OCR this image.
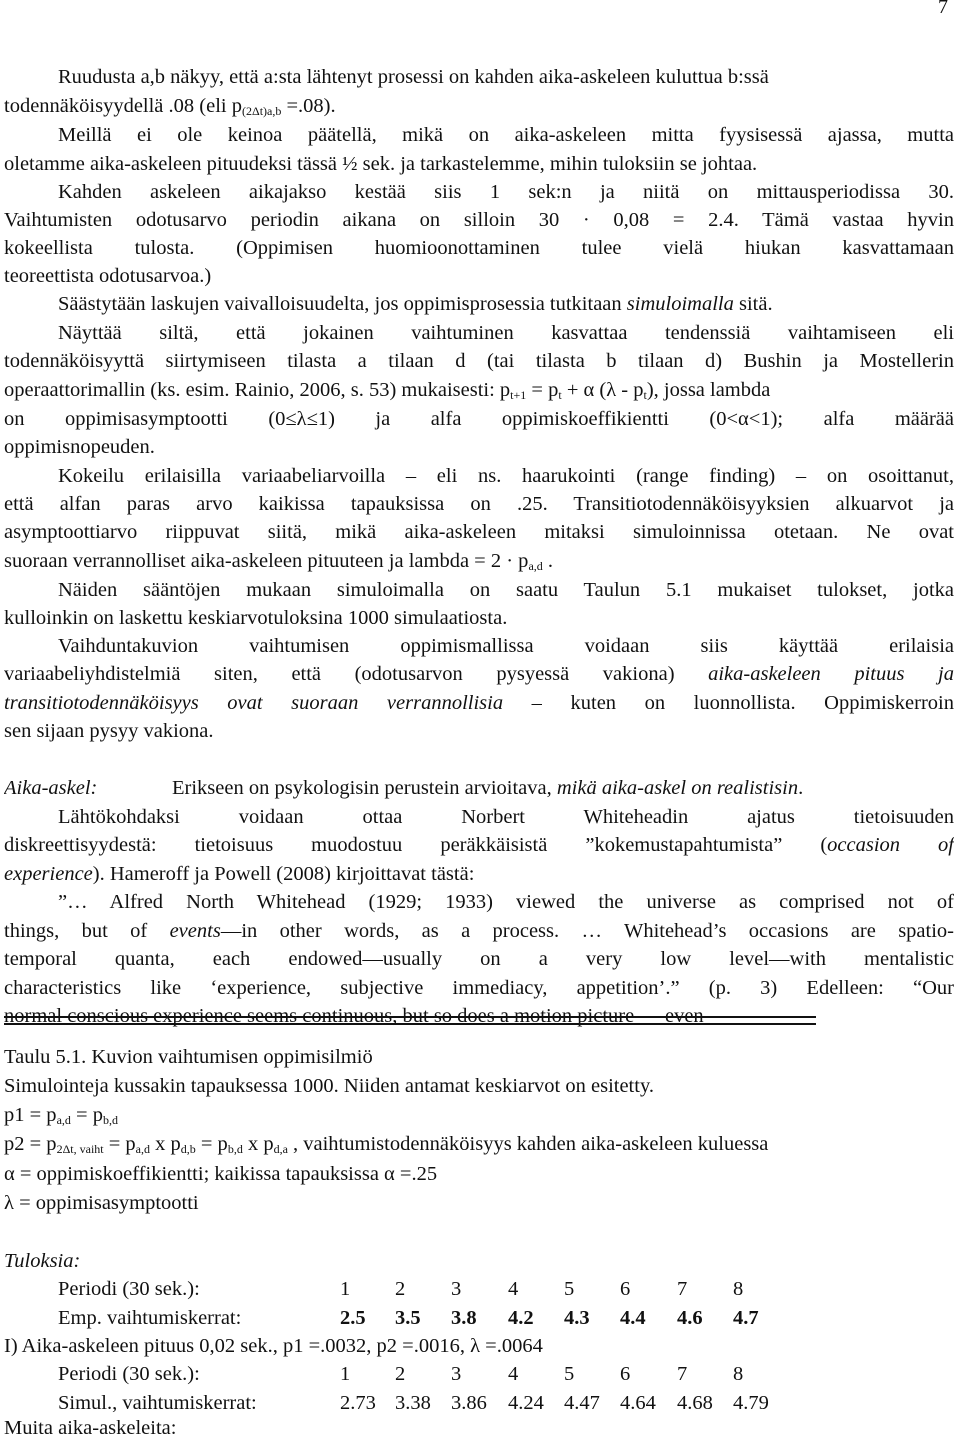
7
Ruudusta a,b näkyy, että a:sta lähtenyt prosessi on kahden aika-askeleen kuluttua b:ssä
todennäköisyydellä .08 (eli $p_{(2\Delta t)a,b} =.08$).
Meillä ei ole keinoa päätellä, mikä on aika-askeleen mitta fyysisessä ajassa, mutta
oletamme aika-askeleen pituudeksi tässä ½ sek. ja tarkastelemme, mihin tuloksiin se johtaa.
Kahden askeleen aikajakso kestää siis 1 sek:n ja niitä on mittausperiodissa 30.
Vaihtumisten odotusarvo periodin aikana on silloin 30 · 0,08 = 2.4. Tämä vastaa hyvin
kokeellista tulosta. (Oppimisen huomioonottaminen tulee vielä hiukan kasvattamaan
teoreettista odotusarvoa.)
Säästytään laskujen vaivalloisuudelta, jos oppimisprosessia tutkitaan simuloimalla sitä.
Näyttää siltä, että jokainen vaihtuminen kasvattaa tendenssiä vaihtamiseen eli
todennäköisyyttä siirtymiseen tilasta a tilaan d (tai tilasta b tilaan d) Bushin ja Mostellerin
operaattorimallin (ks. esim. Rainio, 2006, s. 53) mukaisesti: $p_{t+1} = p_t + \alpha$ $(\lambda - p_t)$, jossa lambda
on oppimisasymptootti (0≤λ≤1) ja alfa oppimiskoeffikientti (0<α<1); alfa määrää
oppimisnopeuden.
Kokeilu erilaisilla variaabeliarvoilla – eli ns. haarukointi (range finding) – on osoittanut,
että alfan paras arvo kaikissa tapauksissa on .25. Transitiotodennäköisyyksien alkuarvot ja
asymptoottiarvo riippuvat siitä, mikä aika-askeleen mitaksi simuloinnissa otetaan. Ne ovat
suoraan verrannolliset aika-askeleen pituuteen ja lambda = $2 \cdot p_{a,d}$ .
Näiden sääntöjen mukaan simuloimalla on saatu Taulun 5.1 mukaiset tulokset, jotka
kulloinkin on laskettu keskiarvotuloksina 1000 simulaatiosta.
Vaihduntakuvion vaihtumisen oppimismallissa voidaan siis käyttää erilaisia
variaabeliyhdistelmiä siten, että (odotusarvon pysyessä vakiona) aika-askeleen pituus ja
transitiotodennäköisyys ovat suoraan verrannollisia – kuten on luonnollista. Oppimiskerroin
sen sijaan pysyy vakiona.
Aika-askel:	Erikseen on psykologisin perustein arvioitava, mikä aika-askel on realistisin.
Lähtökohdaksi voidaan ottaa Norbert Whiteheadin ajatus tietoisuuden
diskreettisyydestä: tietoisuus muodostuu peräkkäisistä ”kokemustapahtumista” (occasion of
experience). Hameroff ja Powell (2008) kirjoittavat tästä:
”… Alfred North Whitehead (1929; 1933) viewed the universe as comprised not of
things, but of events—in other words, as a process. … Whitehead’s occasions are spatio-
temporal quanta, each endowed—usually on a very low level—with mentalistic
characteristics like ‘experience, subjective immediacy, appetition’.” (p. 3) Edelleen: “Our
normal conscious experience seems continuous, but so does a motion picture — even
Taulu 5.1. Kuvion vaihtumisen oppimisilmiö
Simulointeja kussakin tapauksessa 1000. Niiden antamat keskiarvot on esitetty.
$p1 = p_{a,d} = p_{b,d}$
$p2 = p_{2\Delta t, vaiht} = p_{a,d}$ x $p_{d,b} = p_{b,d}$ x $p_{d,a}$ , vaihtumistodennäköisyys kahden aika-askeleen kuluessa
α = oppimiskoeffikientti; kaikissa tapauksissa α =.25
λ = oppimisasymptootti
Tuloksia:
Periodi (30 sek.):	1	2	3	4	5	6	7	8
Emp. vaihtumiskerrat:	2.5	3.5	3.8	4.2	4.3	4.4	4.6	4.7
I) Aika-askeleen pituus 0,02 sek., p1 =.0032, p2 =.0016, λ =.0064
Periodi (30 sek.):	1	2	3	4	5	6	7	8
Simul., vaihtumiskerrat:	2.73 3.38 3.86	4.24 4.47 4.64	4.68 4.79
Muita aika-askeleita:
